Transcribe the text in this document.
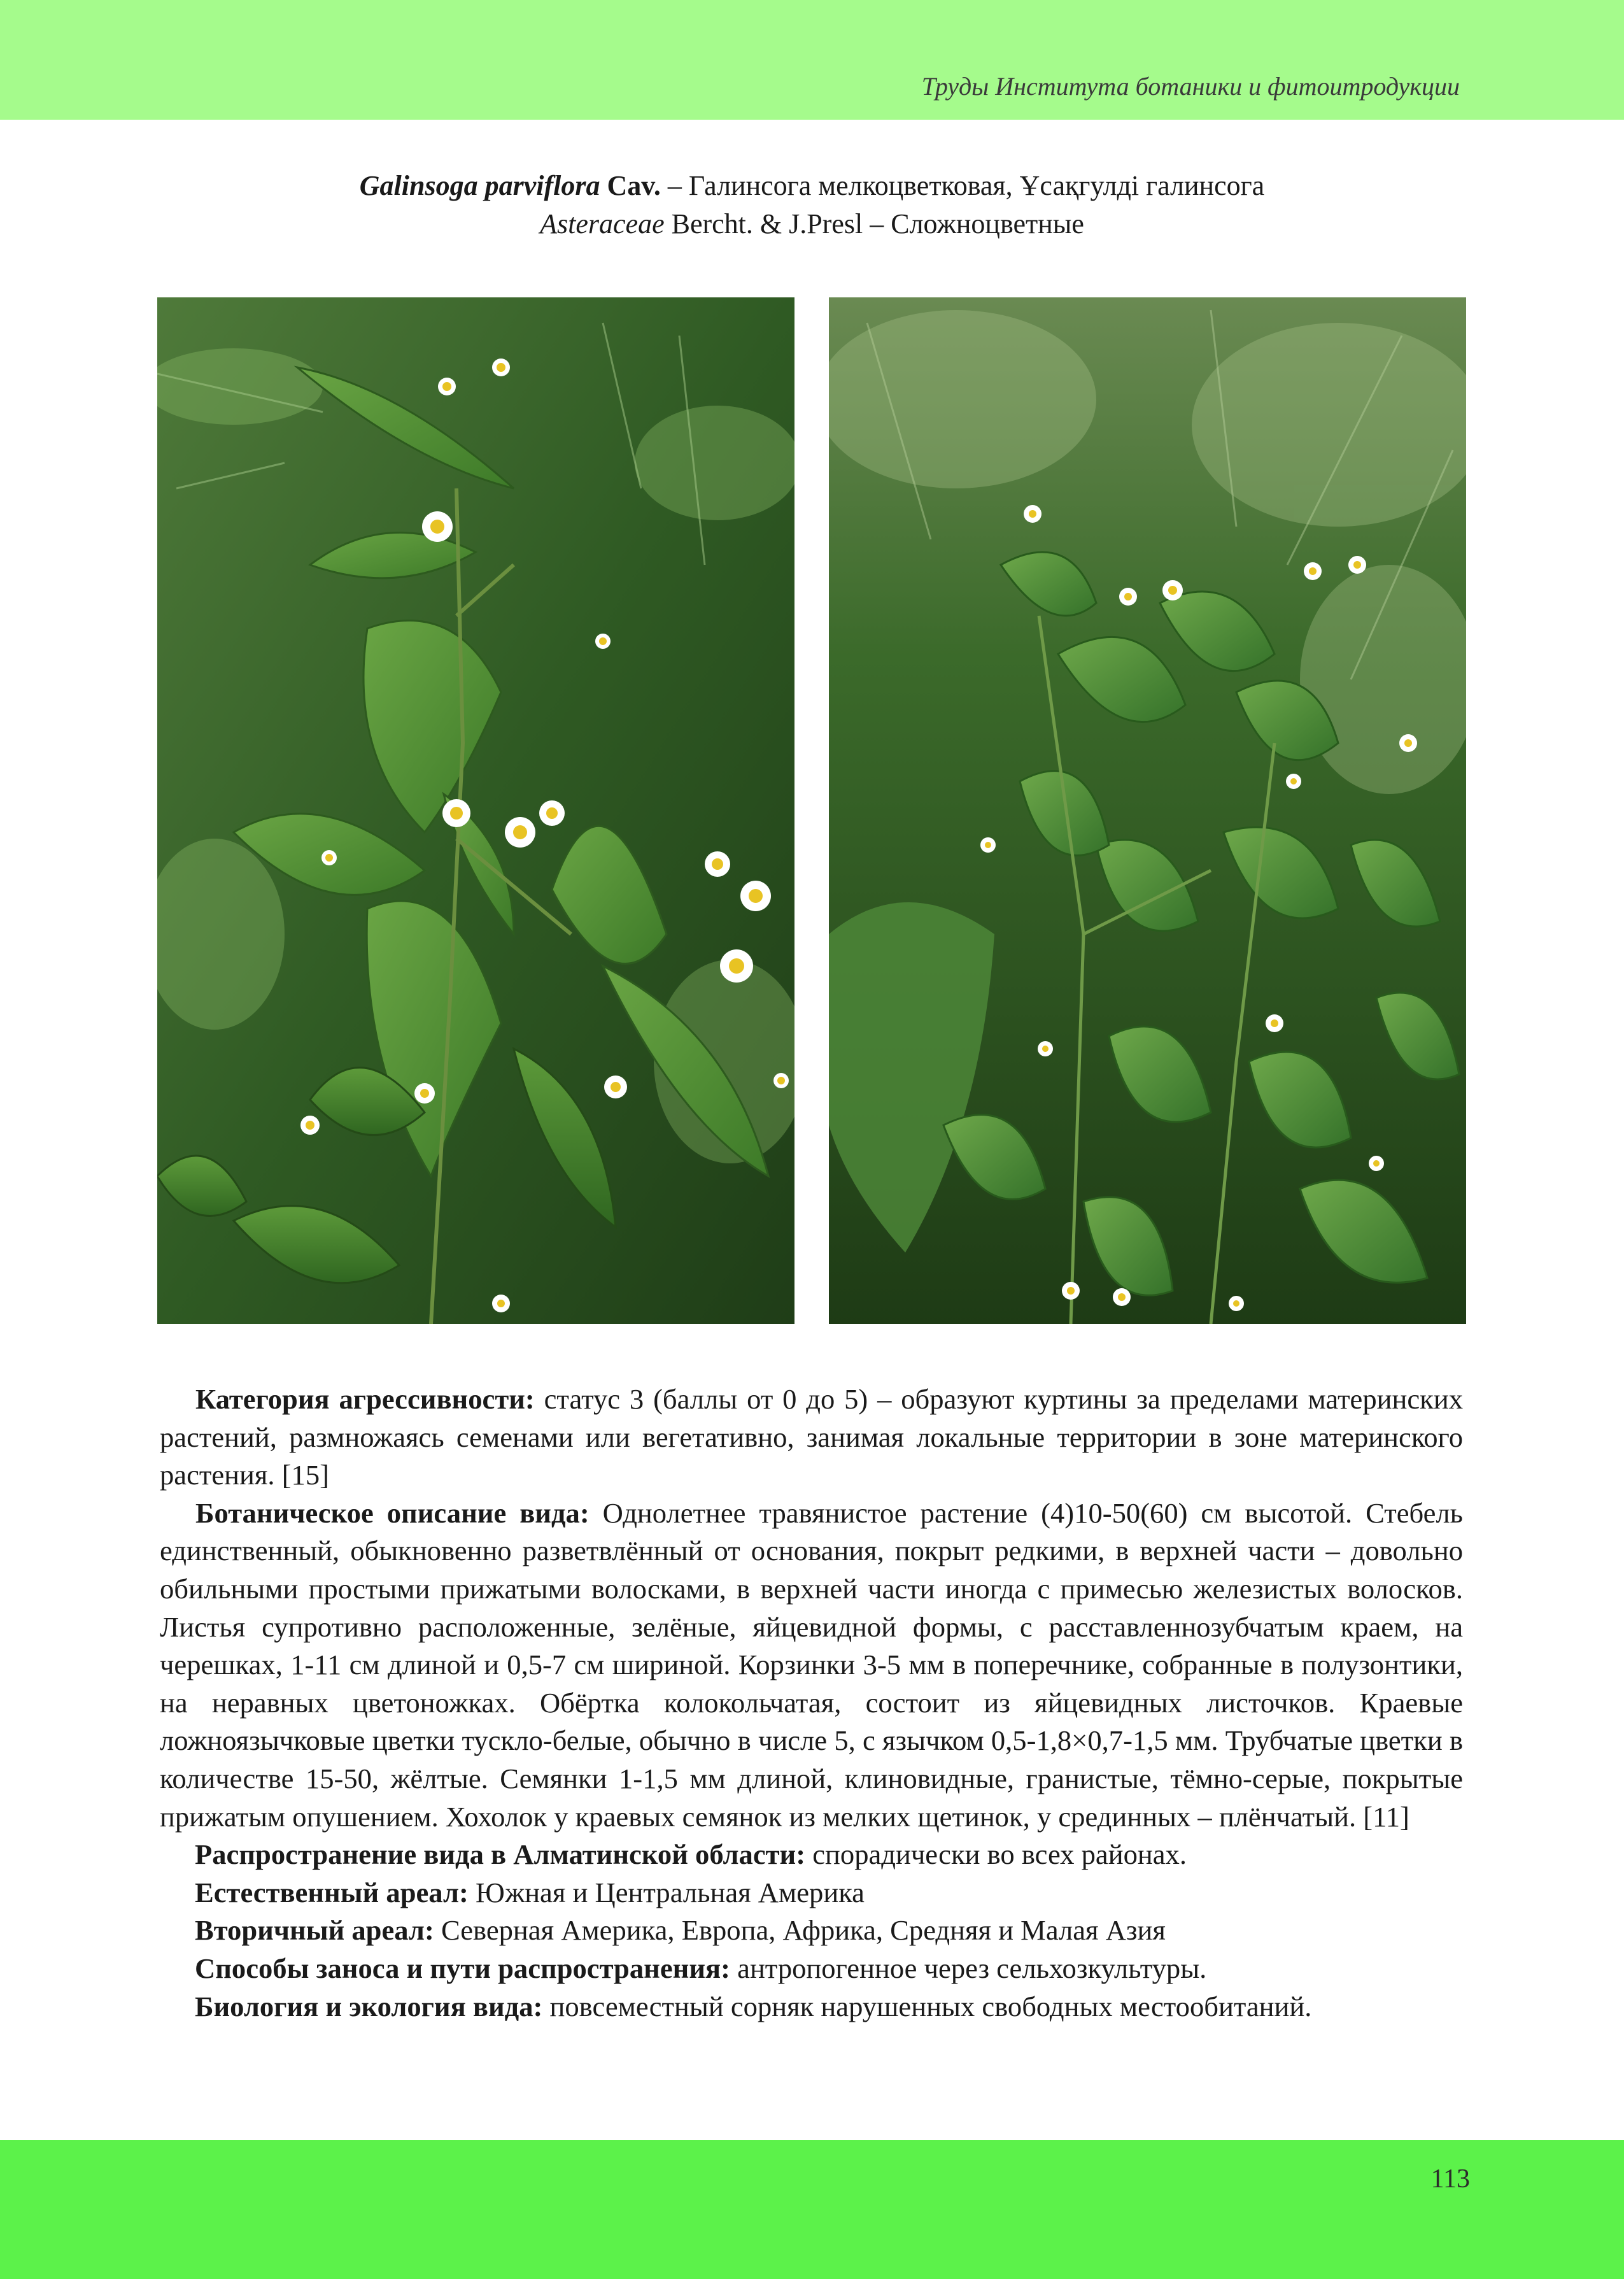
Труды Института ботаники и фитоитродукции
Galinsoga parviflora Cav. – Галинсога мелкоцветковая, Ұсақгулді галинсога
Asteraceae Bercht. & J.Presl – Сложноцветные

Категория агрессивности: статус 3 (баллы от 0 до 5) – образуют куртины за пределами материнских растений, размножаясь семенами или вегетативно, занимая локальные территории в зоне материнского растения. [15]

Ботаническое описание вида: Однолетнее травянистое растение (4)10-50(60) см высотой. Стебель единственный, обыкновенно разветвлённый от основания, покрыт редкими, в верхней части – довольно обильными простыми прижатыми волосками, в верхней части иногда с примесью железистых волосков. Листья супротивно расположенные, зелёные, яйцевидной формы, с расставленнозубчатым краем, на черешках, 1-11 см длиной и 0,5-7 см шириной. Корзинки 3-5 мм в поперечнике, собранные в полузонтики, на неравных цветоножках. Обёртка колокольчатая, состоит из яйцевидных листочков. Краевые ложноязычковые цветки тускло-белые, обычно в числе 5, с язычком 0,5-1,8×0,7-1,5 мм. Трубчатые цветки в количестве 15-50, жёлтые. Семянки 1-1,5 мм длиной, клиновидные, гранистые, тёмно-серые, покрытые прижатым опушением. Хохолок у краевых семянок из мелких щетинок, у срединных – плёнчатый. [11]

Распространение вида в Алматинской области: спорадически во всех районах.

Естественный ареал: Южная и Центральная Америка

Вторичный ареал: Северная Америка, Европа, Африка, Средняя и Малая Азия

Способы заноса и пути распространения: антропогенное через сельхозкультуры.

Биология и экология вида: повсеместный сорняк нарушенных свободных местообитаний.

113
